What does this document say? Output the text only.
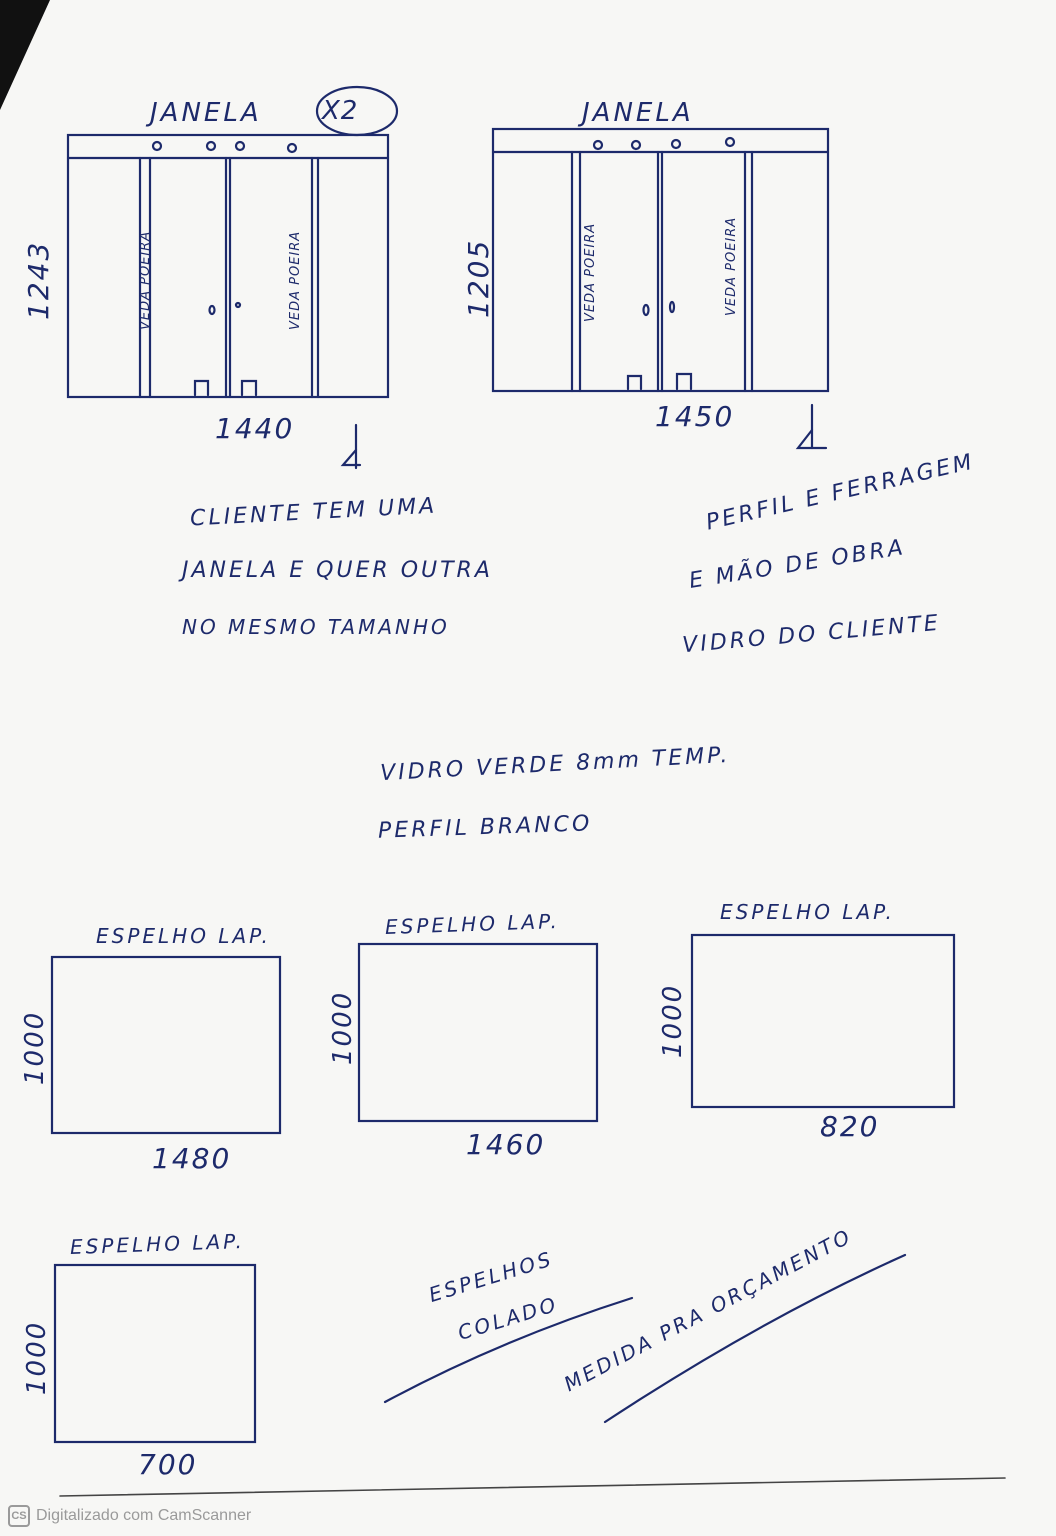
JANELA X2
1243	VEDA POEIRA	VEDA POEIRA
1440
JANELA
1205	VEDA POEIRA	VEDA POEIRA
1450
CLIENTE TEM UMA
JANELA E QUER OUTRA
NO MESMO TAMANHO
PERFIL E FERRAGEM
E MÃO DE OBRA
VIDRO DO CLIENTE
VIDRO VERDE 8mm TEMP.
PERFIL BRANCO
ESPELHO LAP.
1000
1480
ESPELHO LAP.
1000
1460
ESPELHO LAP.
1000
820
ESPELHO LAP.
1000
700
ESPELHOS
COLADO
MEDIDA PRA ORÇAMENTO
CS Digitalizado com CamScanner
